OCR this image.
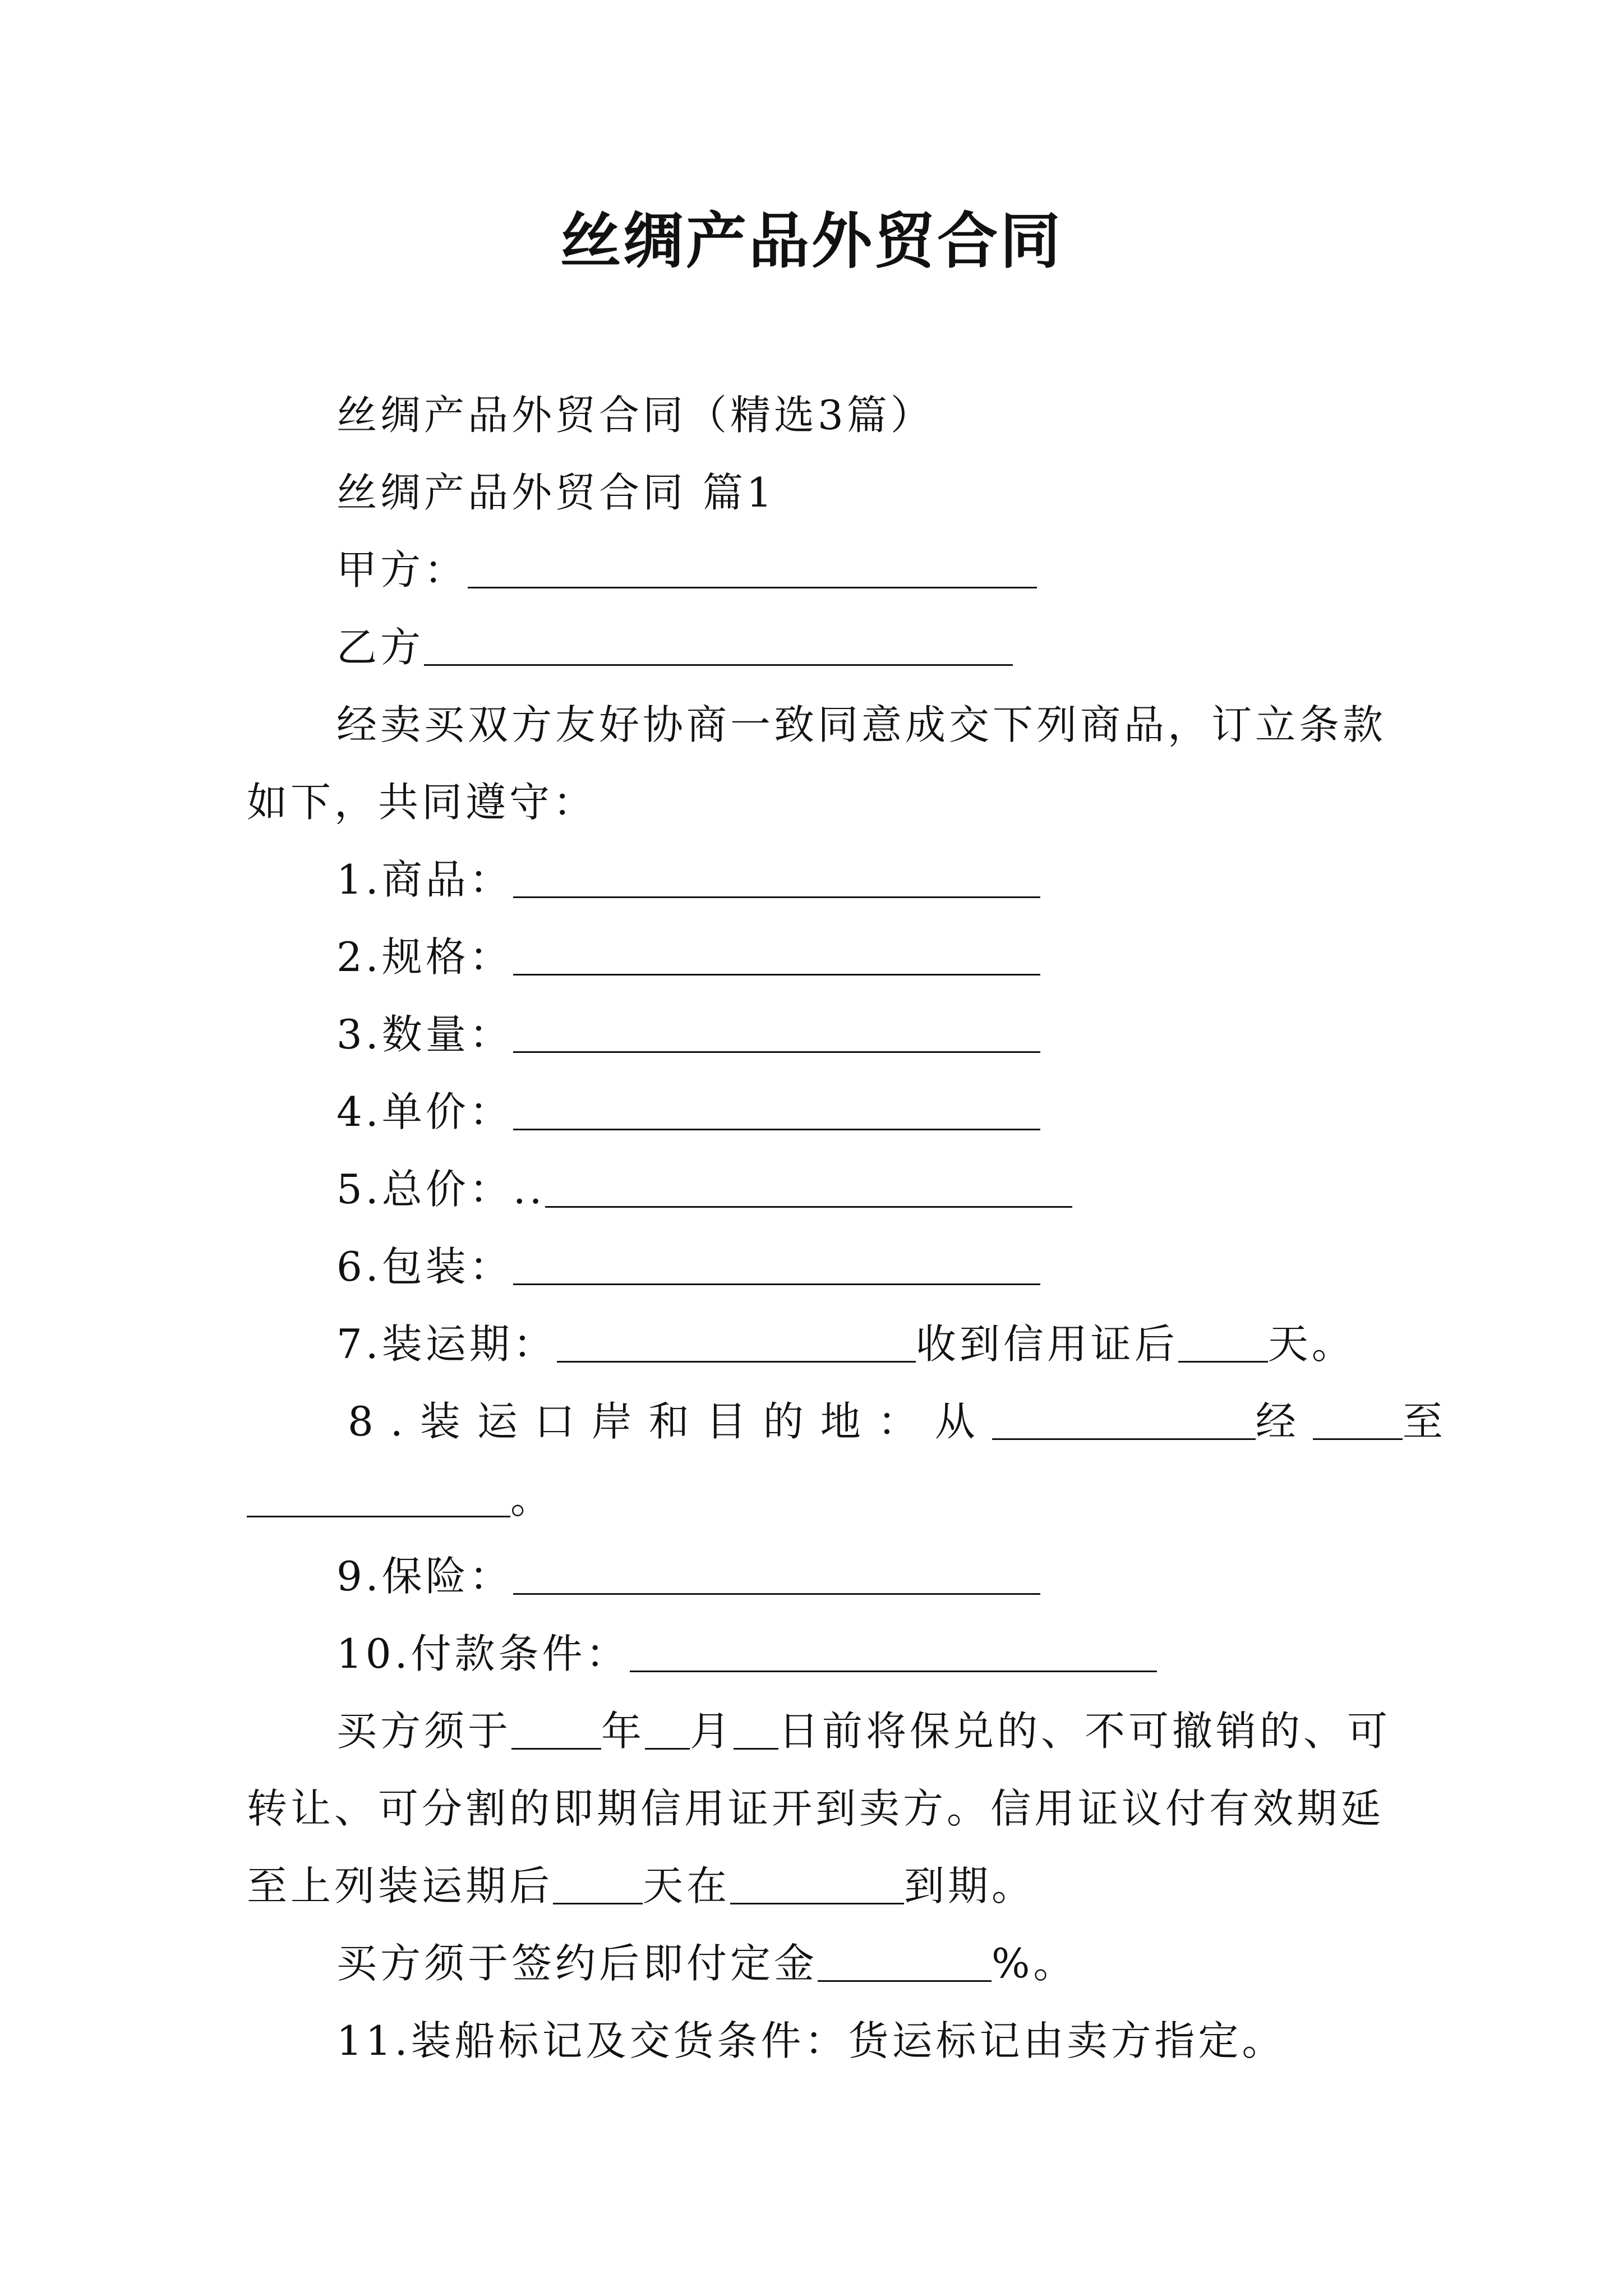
丝绸产品外贸合同
丝绸产品外贸合同（精选3篇）
丝绸产品外贸合同 篇1
甲方：
乙方
经卖买双方友好协商一致同意成交下列商品，订立条款
如下，共同遵守：
1.商品：
2.规格：
3.数量：
4.单价：
5.总价：..
6.包装：
7.装运期：	收到信用证后 天。
8.装运口岸和目的地：从	经 至
。
9.保险：
10.付款条件：
买方须于 年 月 日前将保兑的、不可撤销的、可
转让、可分割的即期信用证开到卖方。信用证议付有效期延
至上列装运期后 天在	到期。
买方须于签约后即付定金	%。
11.装船标记及交货条件：货运标记由卖方指定。
